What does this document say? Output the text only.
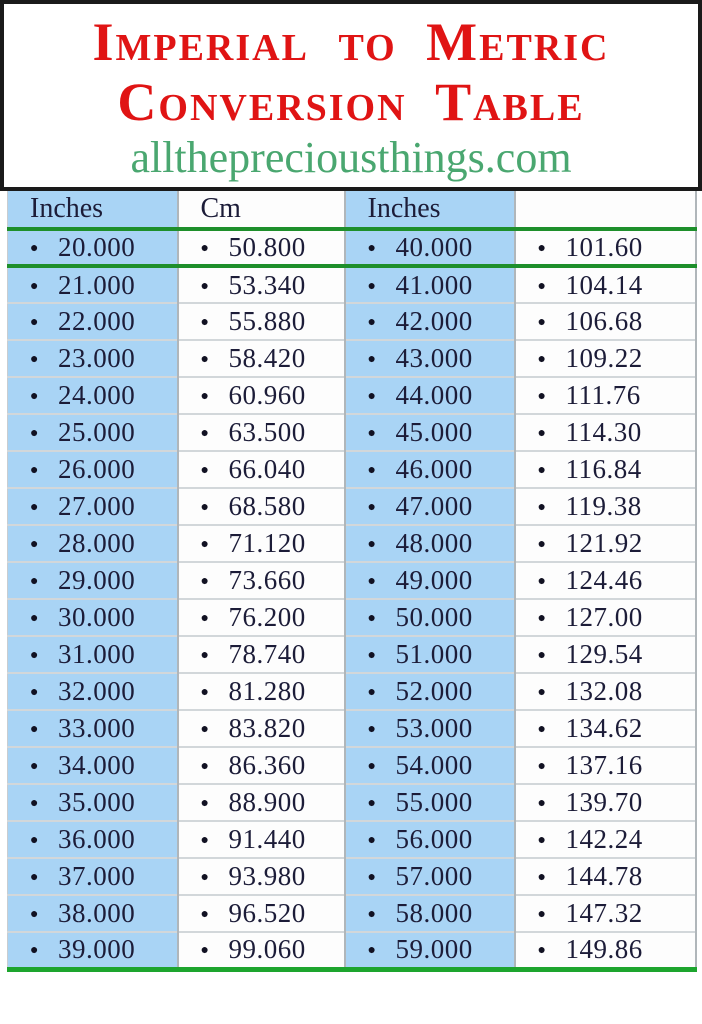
Imperial to Metric
Conversion Table
allthepreciousthings.com
Inches	Cm	Inches	
● 20.000	● 50.800	● 40.000	● 101.60
● 21.000	● 53.340	● 41.000	● 104.14
● 22.000	● 55.880	● 42.000	● 106.68
● 23.000	● 58.420	● 43.000	● 109.22
● 24.000	● 60.960	● 44.000	● 111.76
● 25.000	● 63.500	● 45.000	● 114.30
● 26.000	● 66.040	● 46.000	● 116.84
● 27.000	● 68.580	● 47.000	● 119.38
● 28.000	● 71.120	● 48.000	● 121.92
● 29.000	● 73.660	● 49.000	● 124.46
● 30.000	● 76.200	● 50.000	● 127.00
● 31.000	● 78.740	● 51.000	● 129.54
● 32.000	● 81.280	● 52.000	● 132.08
● 33.000	● 83.820	● 53.000	● 134.62
● 34.000	● 86.360	● 54.000	● 137.16
● 35.000	● 88.900	● 55.000	● 139.70
● 36.000	● 91.440	● 56.000	● 142.24
● 37.000	● 93.980	● 57.000	● 144.78
● 38.000	● 96.520	● 58.000	● 147.32
● 39.000	● 99.060	● 59.000	● 149.86
